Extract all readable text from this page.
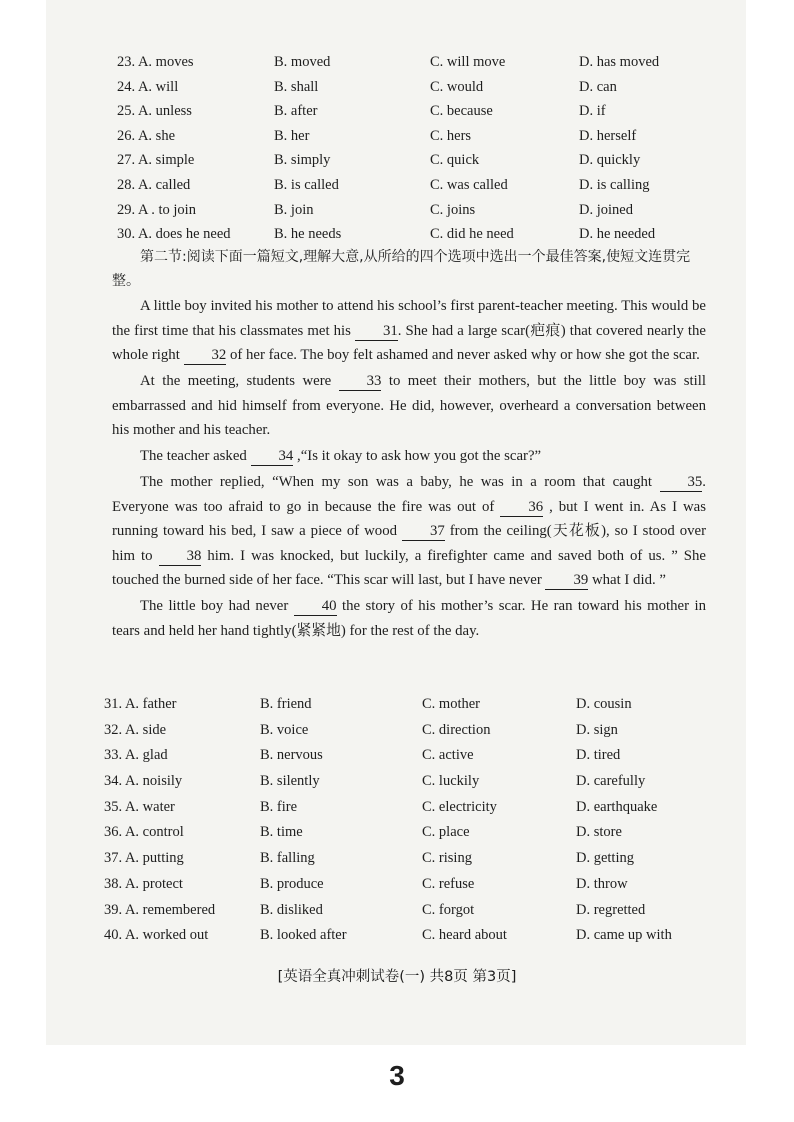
23. A. moves	B. moved	C. will move	D. has moved
24. A. will	B. shall	C. would	D. can
25. A. unless	B. after	C. because	D. if
26. A. she	B. her	C. hers	D. herself
27. A. simple	B. simply	C. quick	D. quickly
28. A. called	B. is called	C. was called	D. is calling
29. A . to join	B. join	C. joins	D. joined
30. A. does he need	B. he needs	C. did he need	D. he needed
第二节:阅读下面一篇短文,理解大意,从所给的四个选项中选出一个最佳答案,使短文连贯完整。

A little boy invited his mother to attend his school’s first parent-teacher meeting. This would be the first time that his classmates met his 31. She had a large scar(疤痕) that covered nearly the whole right 32 of her face. The boy felt ashamed and never asked why or how she got the scar.

At the meeting, students were 33 to meet their mothers, but the little boy was still embarrassed and hid himself from everyone. He did, however, overheard a conversation between his mother and his teacher.

The teacher asked 34 ,“Is it okay to ask how you got the scar?”

The mother replied, “When my son was a baby, he was in a room that caught 35. Everyone was too afraid to go in because the fire was out of 36 , but I went in. As I was running toward his bed, I saw a piece of wood 37 from the ceiling(天花板), so I stood over him to 38 him. I was knocked, but luckily, a firefighter came and saved both of us. ” She touched the burned side of her face. “This scar will last, but I have never 39 what I did. ”

The little boy had never 40 the story of his mother’s scar. He ran toward his mother in tears and held her hand tightly(紧紧地) for the rest of the day.

31. A. father	B. friend	C. mother	D. cousin
32. A. side	B. voice	C. direction	D. sign
33. A. glad	B. nervous	C. active	D. tired
34. A. noisily	B. silently	C. luckily	D. carefully
35. A. water	B. fire	C. electricity	D. earthquake
36. A. control	B. time	C. place	D. store
37. A. putting	B. falling	C. rising	D. getting
38. A. protect	B. produce	C. refuse	D. throw
39. A. remembered	B. disliked	C. forgot	D. regretted
40. A. worked out	B. looked after	C. heard about	D. came up with
[英语全真冲刺试卷(一) 共8页 第3页]
3
